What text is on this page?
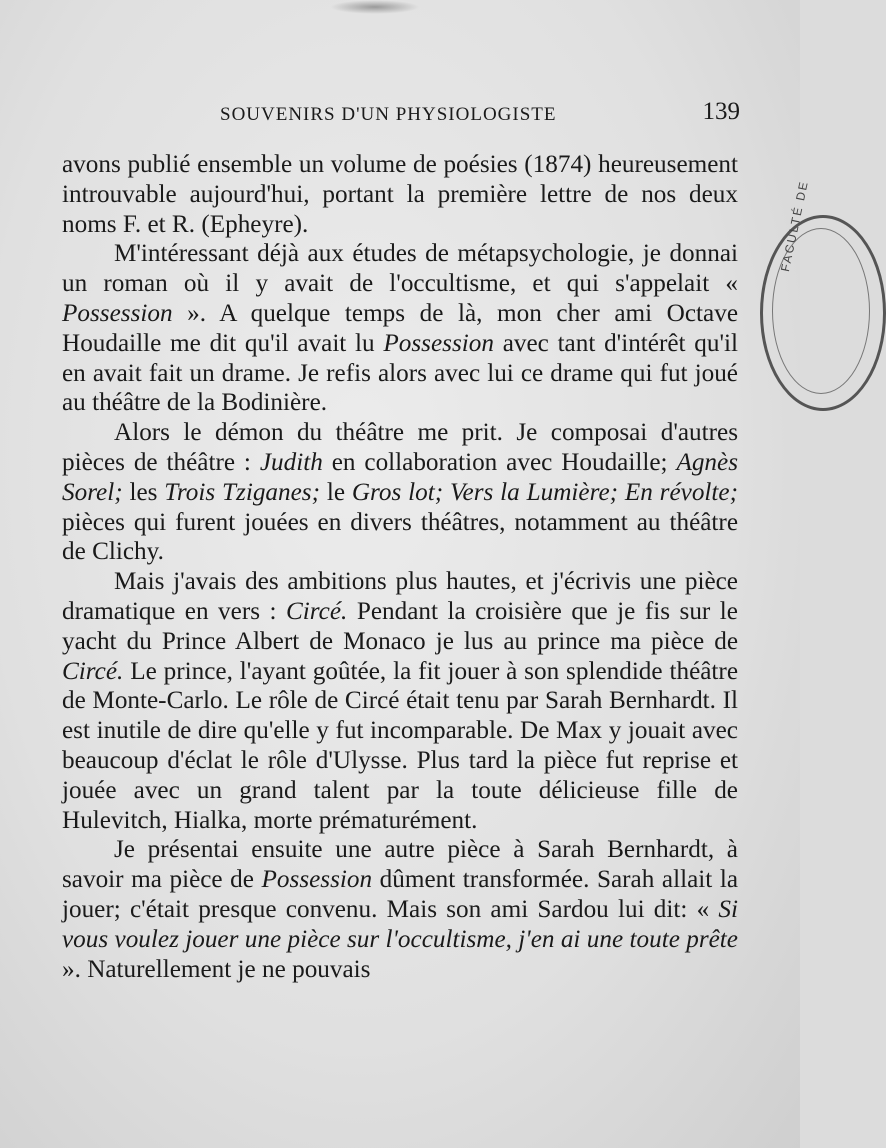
SOUVENIRS D'UN PHYSIOLOGISTE	139

avons publié ensemble un volume de poésies (1874) heureusement introuvable aujourd'hui, portant la première lettre de nos deux noms F. et R. (Epheyre).

M'intéressant déjà aux études de métapsychologie, je donnai un roman où il y avait de l'occultisme, et qui s'appelait « Possession ». A quelque temps de là, mon cher ami Octave Houdaille me dit qu'il avait lu Possession avec tant d'intérêt qu'il en avait fait un drame. Je refis alors avec lui ce drame qui fut joué au théâtre de la Bodinière.

Alors le démon du théâtre me prit. Je composai d'autres pièces de théâtre : Judith en collaboration avec Houdaille; Agnès Sorel; les Trois Tziganes; le Gros lot; Vers la Lumière; En révolte; pièces qui furent jouées en divers théâtres, notamment au théâtre de Clichy.

Mais j'avais des ambitions plus hautes, et j'écrivis une pièce dramatique en vers : Circé. Pendant la croisière que je fis sur le yacht du Prince Albert de Monaco je lus au prince ma pièce de Circé. Le prince, l'ayant goûtée, la fit jouer à son splendide théâtre de Monte-Carlo. Le rôle de Circé était tenu par Sarah Bernhardt. Il est inutile de dire qu'elle y fut incomparable. De Max y jouait avec beaucoup d'éclat le rôle d'Ulysse. Plus tard la pièce fut reprise et jouée avec un grand talent par la toute délicieuse fille de Hulevitch, Hialka, morte prématurément.

Je présentai ensuite une autre pièce à Sarah Bernhardt, à savoir ma pièce de Possession dûment transformée. Sarah allait la jouer; c'était presque convenu. Mais son ami Sardou lui dit: « Si vous voulez jouer une pièce sur l'occultisme, j'en ai une toute prête ». Naturellement je ne pouvais

FACULTÉ DE
